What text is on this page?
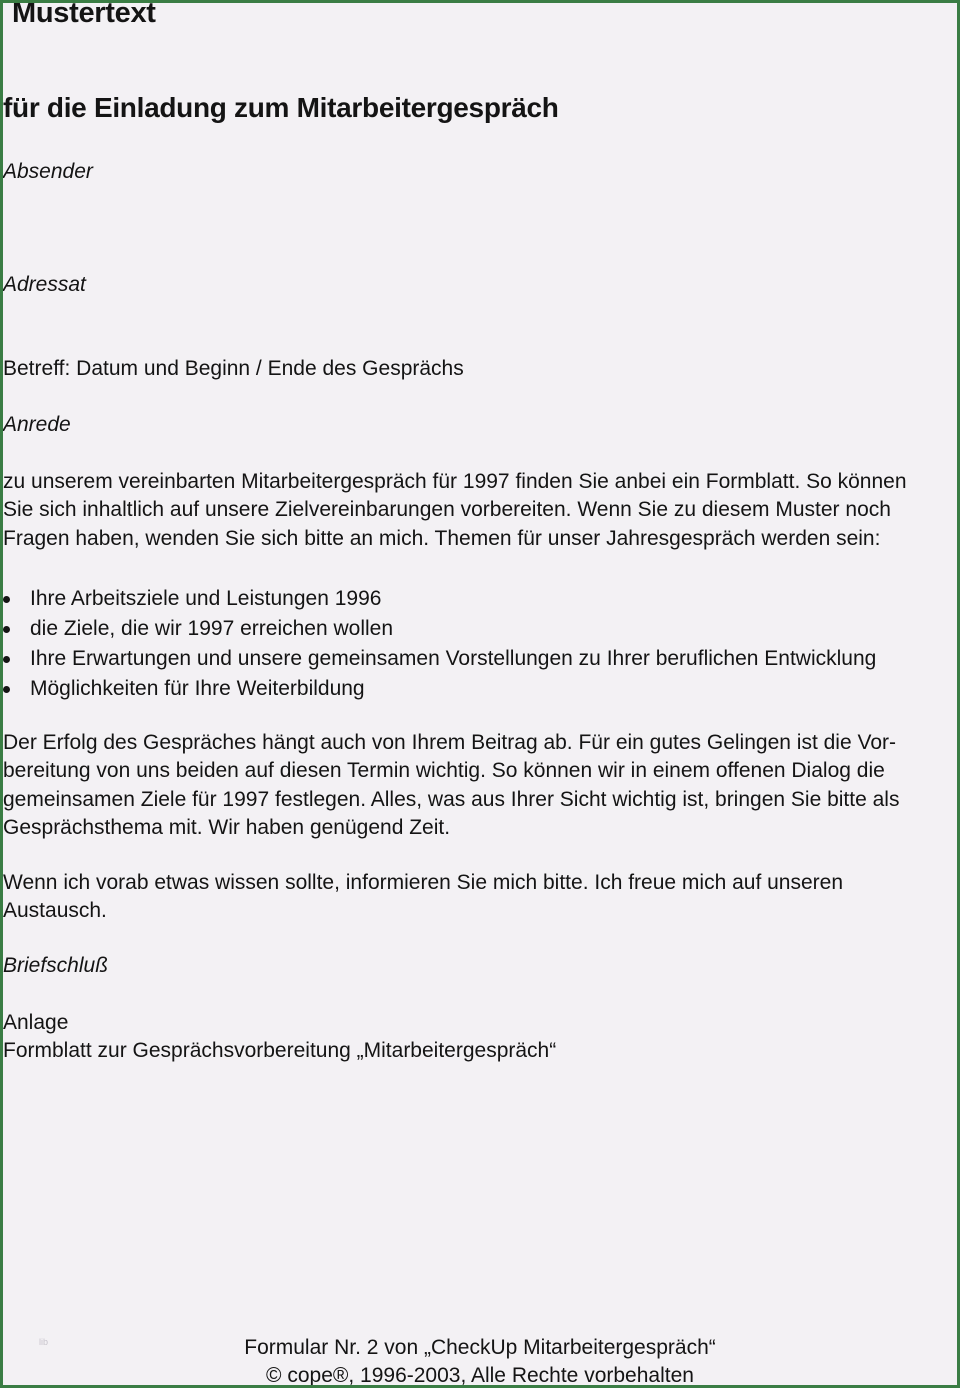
Mustertext
für die Einladung zum Mitarbeitergespräch
Absender
Adressat
Betreff: Datum und Beginn / Ende des Gesprächs
Anrede
zu unserem vereinbarten Mitarbeitergespräch für 1997 finden Sie anbei ein Formblatt. So können
Sie sich inhaltlich auf unsere Zielvereinbarungen vorbereiten. Wenn Sie zu diesem Muster noch
Fragen haben, wenden Sie sich bitte an mich. Themen für unser Jahresgespräch werden sein:
Ihre Arbeitsziele und Leistungen 1996
die Ziele, die wir 1997 erreichen wollen
Ihre Erwartungen und unsere gemeinsamen Vorstellungen zu Ihrer beruflichen Entwicklung
Möglichkeiten für Ihre Weiterbildung
Der Erfolg des Gespräches hängt auch von Ihrem Beitrag ab. Für ein gutes Gelingen ist die Vor-
bereitung von uns beiden auf diesen Termin wichtig. So können wir in einem offenen Dialog die
gemeinsamen Ziele für 1997 festlegen. Alles, was aus Ihrer Sicht wichtig ist, bringen Sie bitte als
Gesprächsthema mit. Wir haben genügend Zeit.
Wenn ich vorab etwas wissen sollte, informieren Sie mich bitte. Ich freue mich auf unseren
Austausch.
Briefschluß
Anlage
Formblatt zur Gesprächsvorbereitung „Mitarbeitergespräch“
lib	Formular Nr. 2 von „CheckUp Mitarbeitergespräch“
© cope®, 1996-2003, Alle Rechte vorbehalten
